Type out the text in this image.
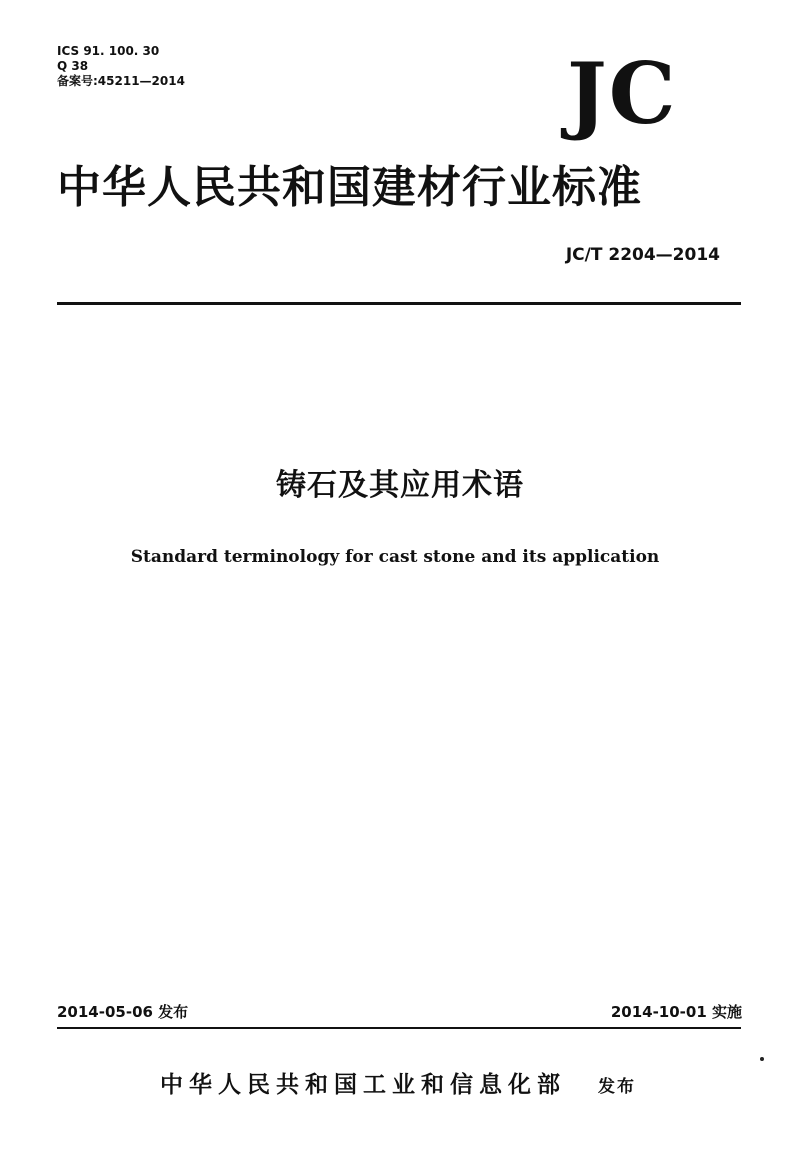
ICS 91. 100. 30
Q 38
备案号:45211—2014	JC
中华人民共和国建材行业标准
JC/T 2204—2014
铸石及其应用术语
Standard terminology for cast stone and its application
2014-05-06 发布	2014-10-01 实施
中华人民共和国工业和信息化部 发布
